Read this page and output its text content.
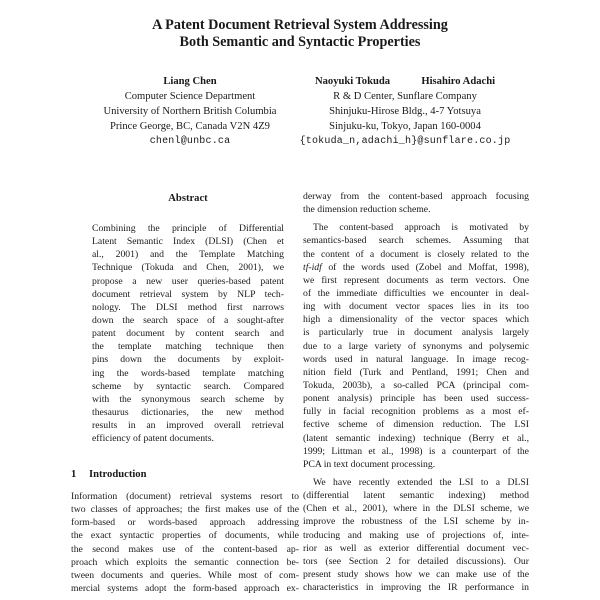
A Patent Document Retrieval System Addressing
Both Semantic and Syntactic Properties
Liang Chen
Computer Science Department
University of Northern British Columbia
Prince George, BC, Canada V2N 4Z9
chenl@unbc.ca
Naoyuki Tokuda	Hisahiro Adachi
R & D Center, Sunflare Company
Shinjuku-Hirose Bldg., 4-7 Yotsuya
Sinjuku-ku, Tokyo, Japan 160-0004
{tokuda_n,adachi_h}@sunflare.co.jp
Abstract
Combining the principle of Differential
Latent Semantic Index (DLSI) (Chen et
al., 2001) and the Template Matching
Technique (Tokuda and Chen, 2001), we
propose a new user queries-based patent
document retrieval system by NLP tech-
nology. The DLSI method first narrows
down the search space of a sought-after
patent document by content search and
the template matching technique then
pins down the documents by exploit-
ing the words-based template matching
scheme by syntactic search. Compared
with the synonymous search scheme by
thesaurus dictionaries, the new method
results in an improved overall retrieval
efficiency of patent documents.
1 Introduction
Information (document) retrieval systems resort to
two classes of approaches; the first makes use of the
form-based or words-based approach addressing
the exact syntactic properties of documents, while
the second makes use of the content-based ap-
proach which exploits the semantic connection be-
tween documents and queries. While most of com-
mercial systems adopt the form-based approach ex-
derway from the content-based approach focusing
the dimension reduction scheme.
The content-based approach is motivated by
semantics-based search schemes. Assuming that
the content of a document is closely related to the
tf-idf of the words used (Zobel and Moffat, 1998),
we first represent documents as term vectors. One
of the immediate difficulties we encounter in deal-
ing with document vector spaces lies in its too
high a dimensionality of the vector spaces which
is particularly true in document analysis largely
due to a large variety of synonyms and polysemic
words used in natural language. In image recog-
nition field (Turk and Pentland, 1991; Chen and
Tokuda, 2003b), a so-called PCA (principal com-
ponent analysis) principle has been used success-
fully in facial recognition problems as a most ef-
fective scheme of dimension reduction. The LSI
(latent semantic indexing) technique (Berry et al.,
1999; Littman et al., 1998) is a counterpart of the
PCA in text document processing.
We have recently extended the LSI to a DLSI
(differential latent semantic indexing) method
(Chen et al., 2001), where in the DLSI scheme, we
improve the robustness of the LSI scheme by in-
troducing and making use of projections of, inte-
rior as well as exterior differential document vec-
tors (see Section 2 for detailed discussions). Our
present study shows how we can make use of the
characteristics in improving the IR performance in
